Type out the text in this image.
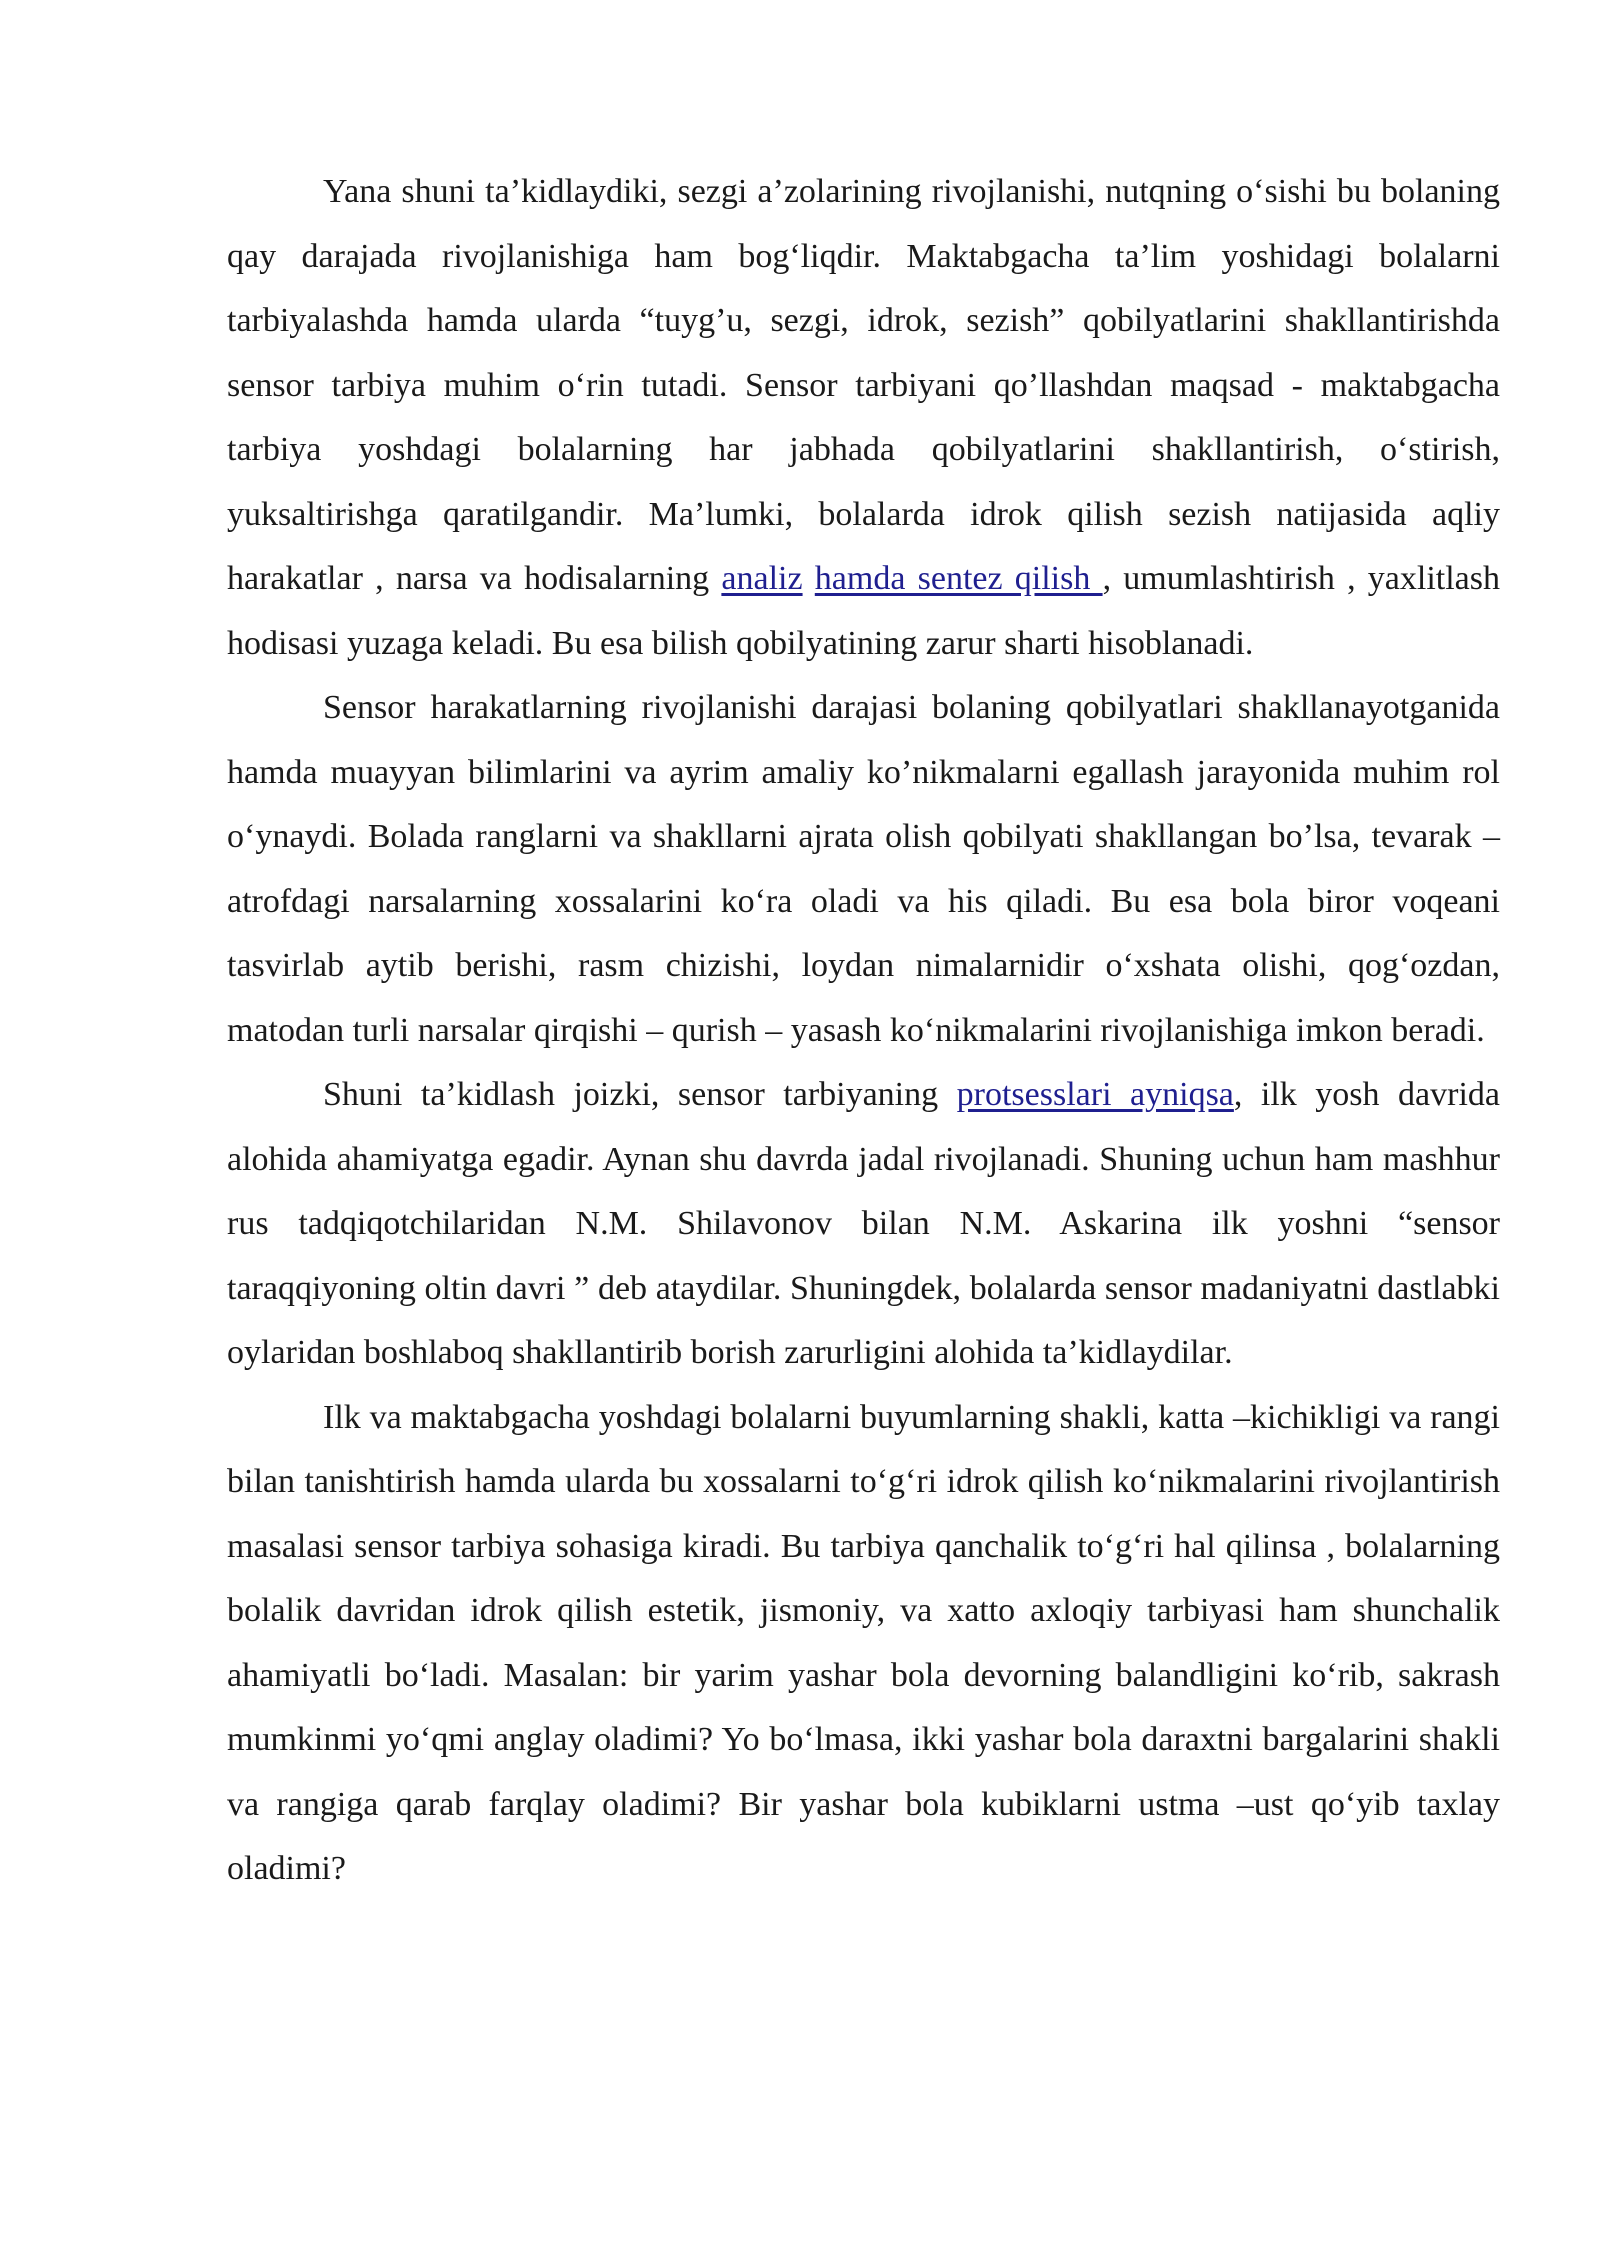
Yana shuni ta’kidlaydiki, sezgi a’zolarining rivojlanishi, nutqning o‘sishi bu bolaning qay darajada rivojlanishiga ham bog‘liqdir. Maktabgacha ta’lim yoshidagi bolalarni tarbiyalashda hamda ularda “tuyg’u, sezgi, idrok, sezish” qobilyatlarini shakllantirishda sensor tarbiya muhim o‘rin tutadi. Sensor tarbiyani qo’llashdan maqsad - maktabgacha tarbiya yoshdagi bolalarning har jabhada qobilyatlarini shakllantirish, o‘stirish, yuksaltirishga qaratilgandir. Ma’lumki, bolalarda idrok qilish sezish natijasida aqliy harakatlar , narsa va hodisalarning analiz hamda sentez qilish , umumlashtirish , yaxlitlash hodisasi yuzaga keladi. Bu esa bilish qobilyatining zarur sharti hisoblanadi.

Sensor harakatlarning rivojlanishi darajasi bolaning qobilyatlari shakllanayotganida hamda muayyan bilimlarini va ayrim amaliy ko’nikmalarni egallash jarayonida muhim rol o‘ynaydi. Bolada ranglarni va shakllarni ajrata olish qobilyati shakllangan bo’lsa, tevarak –atrofdagi narsalarning xossalarini ko‘ra oladi va his qiladi. Bu esa bola biror voqeani tasvirlab aytib berishi, rasm chizishi, loydan nimalarnidir o‘xshata olishi, qog‘ozdan, matodan turli narsalar qirqishi – qurish – yasash ko‘nikmalarini rivojlanishiga imkon beradi.

Shuni ta’kidlash joizki, sensor tarbiyaning protsesslari ayniqsa, ilk yosh davrida alohida ahamiyatga egadir. Aynan shu davrda jadal rivojlanadi. Shuning uchun ham mashhur rus tadqiqotchilaridan N.M. Shilavonov bilan N.M. Askarina ilk yoshni “sensor taraqqiyoning oltin davri ” deb ataydilar. Shuningdek, bolalarda sensor madaniyatni dastlabki oylaridan boshlaboq shakllantirib borish zarurligini alohida ta’kidlaydilar.

Ilk va maktabgacha yoshdagi bolalarni buyumlarning shakli, katta –kichikligi va rangi bilan tanishtirish hamda ularda bu xossalarni to‘g‘ri idrok qilish ko‘nikmalarini rivojlantirish masalasi sensor tarbiya sohasiga kiradi. Bu tarbiya qanchalik to‘g‘ri hal qilinsa , bolalarning bolalik davridan idrok qilish estetik, jismoniy, va xatto axloqiy tarbiyasi ham shunchalik ahamiyatli bo‘ladi. Masalan: bir yarim yashar bola devorning balandligini ko‘rib, sakrash mumkinmi yo‘qmi anglay oladimi? Yo bo‘lmasa, ikki yashar bola daraxtni bargalarini shakli va rangiga qarab farqlay oladimi? Bir yashar bola kubiklarni ustma –ust qo‘yib taxlay oladimi?
